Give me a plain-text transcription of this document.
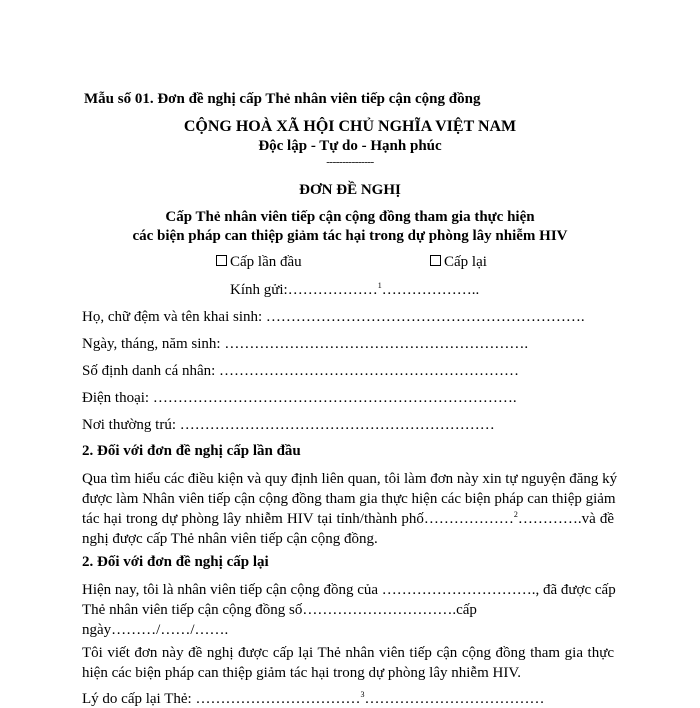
Mẫu số 01. Đơn đề nghị cấp Thẻ nhân viên tiếp cận cộng đồng
CỘNG HOÀ XÃ HỘI CHỦ NGHĨA VIỆT NAM
Độc lập - Tự do - Hạnh phúc
---------------
ĐƠN ĐỀ NGHỊ
Cấp Thẻ nhân viên tiếp cận cộng đồng tham gia thực hiện
các biện pháp can thiệp giảm tác hại trong dự phòng lây nhiễm HIV
Cấp lần đầu	Cấp lại
Kính gửi:………………$^1$………………..
Họ, chữ đệm và tên khai sinh: ……………………………………………………….
Ngày, tháng, năm sinh: …………………………………………………….
Số định danh cá nhân: ……………………………………………………
Điện thoại: ……………………………………………………………….
Nơi thường trú: ………………………………………………………
2. Đối với đơn đề nghị cấp lần đầu
Qua tìm hiểu các điều kiện và quy định liên quan, tôi làm đơn này xin tự nguyện đăng ký
được làm Nhân viên tiếp cận cộng đồng tham gia thực hiện các biện pháp can thiệp giảm
tác hại trong dự phòng lây nhiễm HIV tại tỉnh/thành phố………………$^2$………….và đề
nghị được cấp Thẻ nhân viên tiếp cận cộng đồng.
2. Đối với đơn đề nghị cấp lại
Hiện nay, tôi là nhân viên tiếp cận cộng đồng của …………………………., đã được cấp
Thẻ nhân viên tiếp cận cộng đồng số………………………….cấp
ngày………/……/…….
Tôi viết đơn này đề nghị được cấp lại Thẻ nhân viên tiếp cận cộng đồng tham gia thực
hiện các biện pháp can thiệp giảm tác hại trong dự phòng lây nhiễm HIV.
Lý do cấp lại Thẻ: ……………………………$^3$………………………………
